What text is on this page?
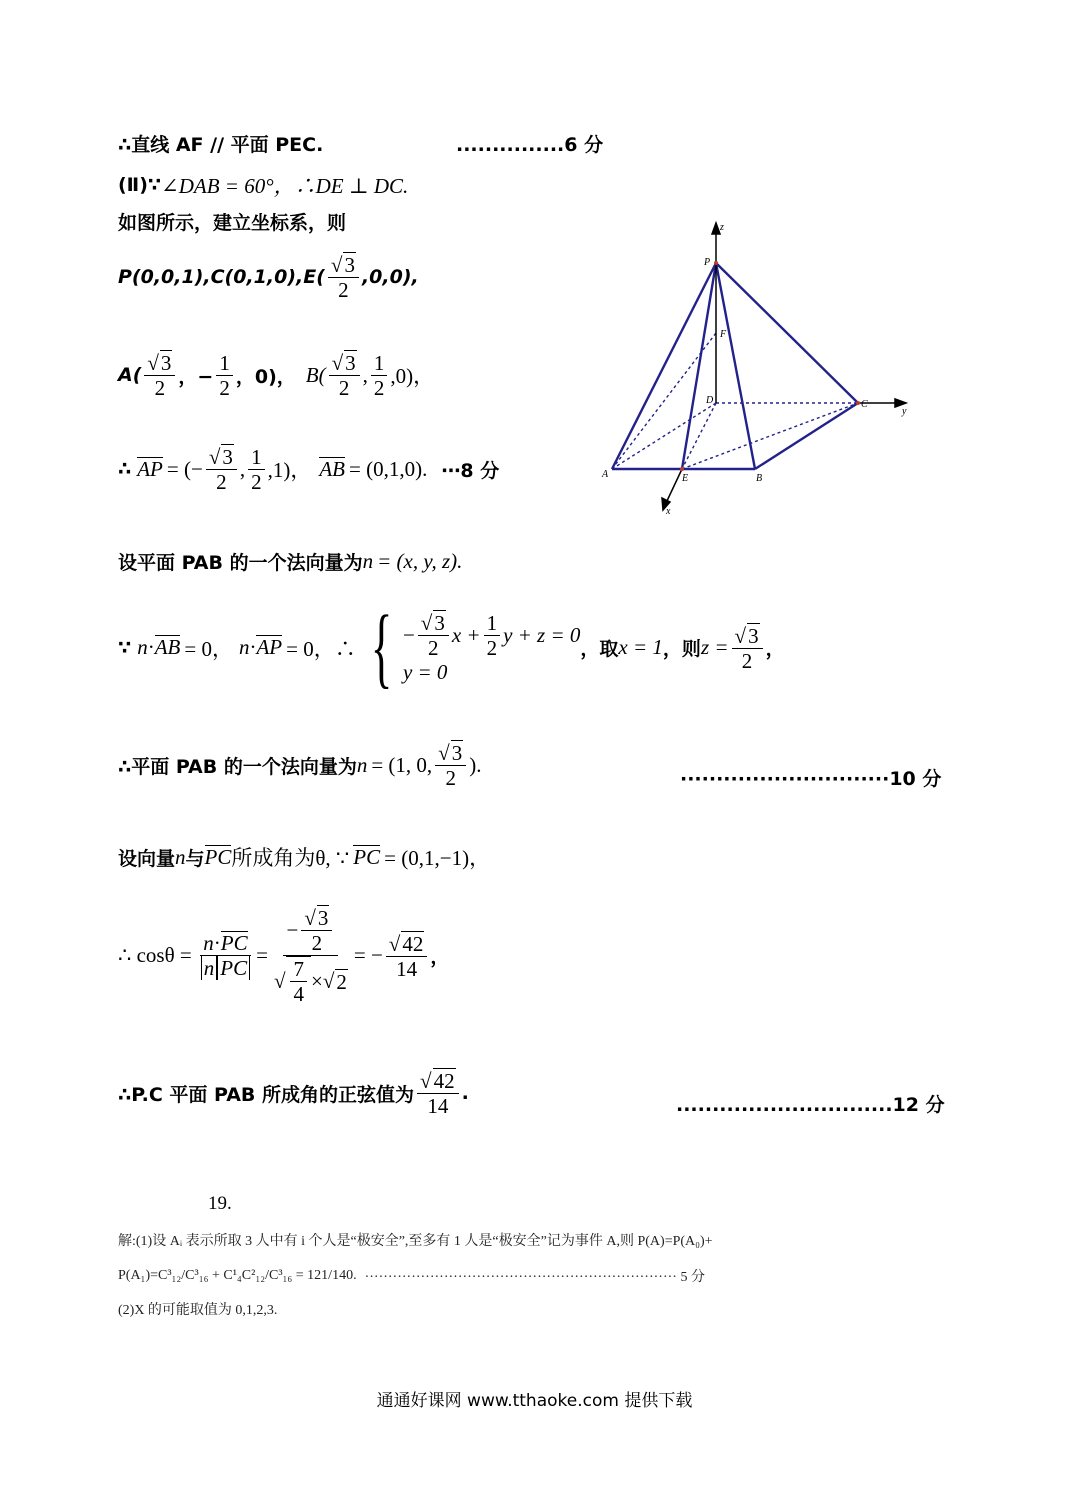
∴直线 AF // 平面 PEC.	...............6 分
(Ⅱ)∵ ∠DAB = 60°，∴DE ⊥ DC.
如图所示，建立坐标系，则
$P(0,0,1),C(0,1,0),E( \frac{√3}{2} ,0,0)$,
$A( \frac{√3}{2}$ ，− $\frac{1}{2}$ ，0)， $B( \frac{√3}{2}$ , $\frac{1}{2} ,0$)，
∴ AP = (− $\frac{√3}{2}$ , $\frac{1}{2} ,1$)， AB = (0,1,0). ⋯8 分
设平面 PAB 的一个法向量为 n = (x, y, z).
∵ n · AB = 0， n · AP = 0，∴ { − $\frac{√3}{2}$ $x + \frac{1}{2}$ y + z = 0
y = 0
，取 x = 1 ，则 $z = \frac{√3}{2}$ ，
∴平面 PAB 的一个法向量为 n = (1, 0, $\frac{√3}{2}$ ).
·····························10 分
设向量 n 与 PC 所成角为θ, ∵ PC = (0,1,−1)，
∴ $\cos\theta = \frac{n\cdot PC}{\text{n PC}}$ =
− $\frac{√3}{2}$
√ $\frac{7}{4}$ × √ 2
= − $\frac{√42}{14}$ ，
∴P.C 平面 PAB 所成角的正弦值为 $\frac{√42}{14}$ .
..............................12 分
z
P
F
D	C
y
A	E	B
x
19.
解:(1)设 Aᵢ 表示所取 3 人中有 i 个人是“极安全”,至多有 1 人是“极安全”记为事件 A,则 P(A)=P(A₀)+
P(A₁)= C³₁₂/C³₁₆ + C¹₄C²₁₂/C³₁₆ = 121/140. ··································································· 5 分
(2)X 的可能取值为 0,1,2,3.
通通好课网 www.tthaoke.com 提供下载
